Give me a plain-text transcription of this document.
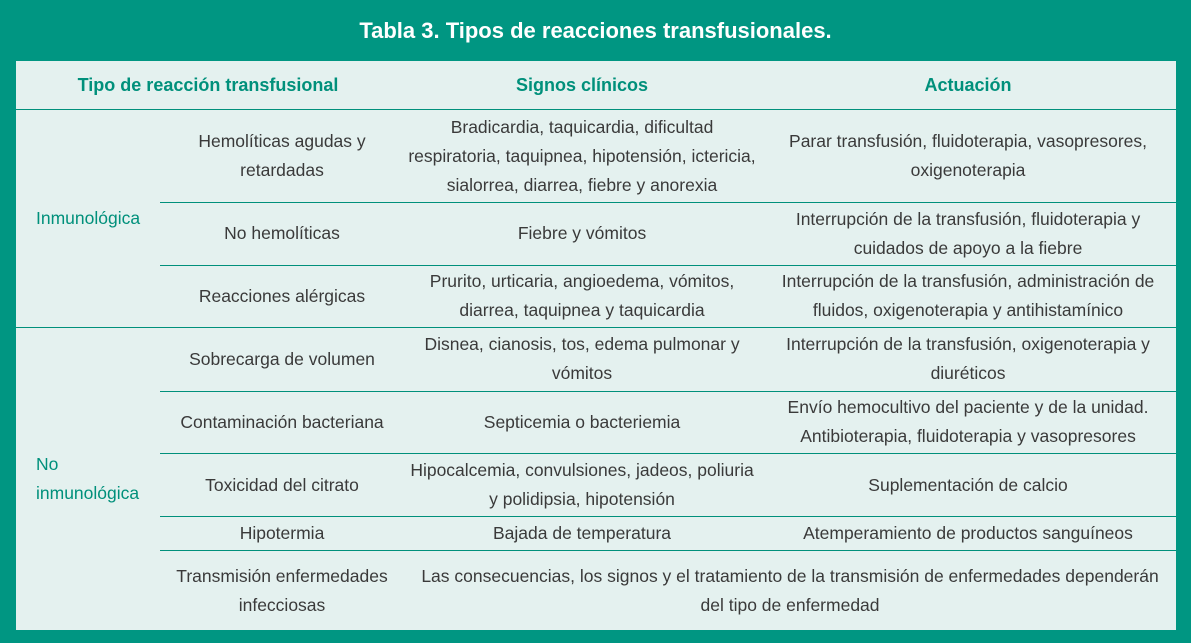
Tabla 3. Tipos de reacciones transfusionales.
Tipo de reacción transfusional		Signos clínicos	Actuación
Inmunológica	Hemolíticas agudas y retardadas	Bradicardia, taquicardia, dificultad respiratoria, taquipnea, hipotensión, ictericia, sialorrea, diarrea, fiebre y anorexia	Parar transfusión, fluidoterapia, vasopresores, oxigenoterapia
	No hemolíticas	Fiebre y vómitos	Interrupción de la transfusión, fluidoterapia y cuidados de apoyo a la fiebre
	Reacciones alérgicas	Prurito, urticaria, angioedema, vómitos, diarrea, taquipnea y taquicardia	Interrupción de la transfusión, administración de fluidos, oxigenoterapia y antihistamínico
No inmunológica	Sobrecarga de volumen	Disnea, cianosis, tos, edema pulmonar y vómitos	Interrupción de la transfusión, oxigenoterapia y diuréticos
	Contaminación bacteriana	Septicemia o bacteriemia	Envío hemocultivo del paciente y de la unidad. Antibioterapia, fluidoterapia y vasopresores
	Toxicidad del citrato	Hipocalcemia, convulsiones, jadeos, poliuria y polidipsia, hipotensión	Suplementación de calcio
	Hipotermia	Bajada de temperatura	Atemperamiento de productos sanguíneos
	Transmisión enfermedades infecciosas	Las consecuencias, los signos y el tratamiento de la transmisión de enfermedades dependerán del tipo de enfermedad	
